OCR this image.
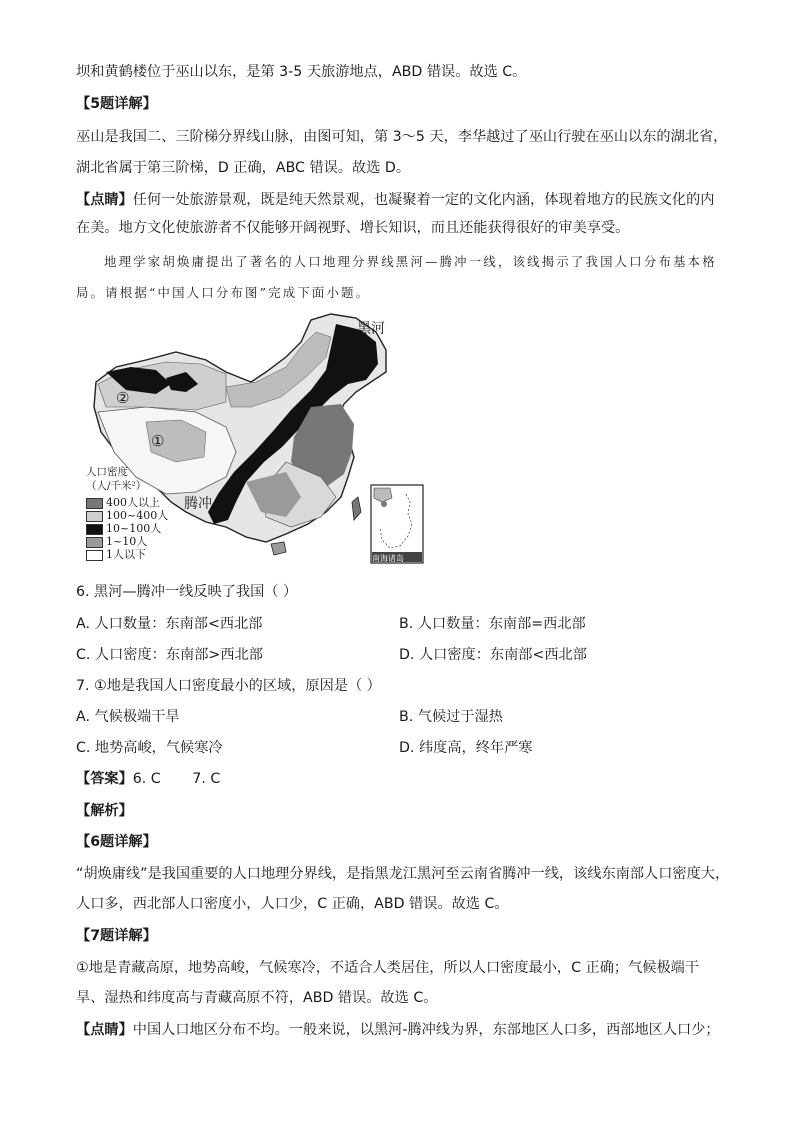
坝和黄鹤楼位于巫山以东，是第 3-5 天旅游地点，ABD 错误。故选 C。
【5题详解】
巫山是我国二、三阶梯分界线山脉，由图可知，第 3～5 天，李华越过了巫山行驶在巫山以东的湖北省，
湖北省属于第三阶梯，D 正确，ABC 错误。故选 D。
【点睛】任何一处旅游景观，既是纯天然景观，也凝聚着一定的文化内涵，体现着地方的民族文化的内
在美。地方文化使旅游者不仅能够开阔视野、增长知识，而且还能获得很好的审美享受。
地理学家胡焕庸提出了著名的人口地理分界线黑河—腾冲一线，该线揭示了我国人口分布基本格
局。请根据“中国人口分布图”完成下面小题。
黑河
腾冲
②
①
人口密度
（人/千米²）
400人以上
100~400人
10~100人
1~10人
1人以下	南海诸岛
6. 黑河—腾冲一线反映了我国（ ）
A. 人口数量：东南部<西北部	B. 人口数量：东南部=西北部
C. 人口密度：东南部>西北部	D. 人口密度：东南部<西北部
7. ①地是我国人口密度最小的区域，原因是（ ）
A. 气候极端干旱	B. 气候过于湿热
C. 地势高峻，气候寒冷	D. 纬度高，终年严寒
【答案】6. C       7. C
【解析】
【6题详解】
“胡焕庸线”是我国重要的人口地理分界线，是指黑龙江黑河至云南省腾冲一线，该线东南部人口密度大，
人口多，西北部人口密度小，人口少，C 正确，ABD 错误。故选 C。
【7题详解】
①地是青藏高原，地势高峻，气候寒冷，不适合人类居住，所以人口密度最小，C 正确；气候极端干
旱、湿热和纬度高与青藏高原不符，ABD 错误。故选 C。
【点睛】中国人口地区分布不均。一般来说，以黑河-腾冲线为界，东部地区人口多，西部地区人口少；
